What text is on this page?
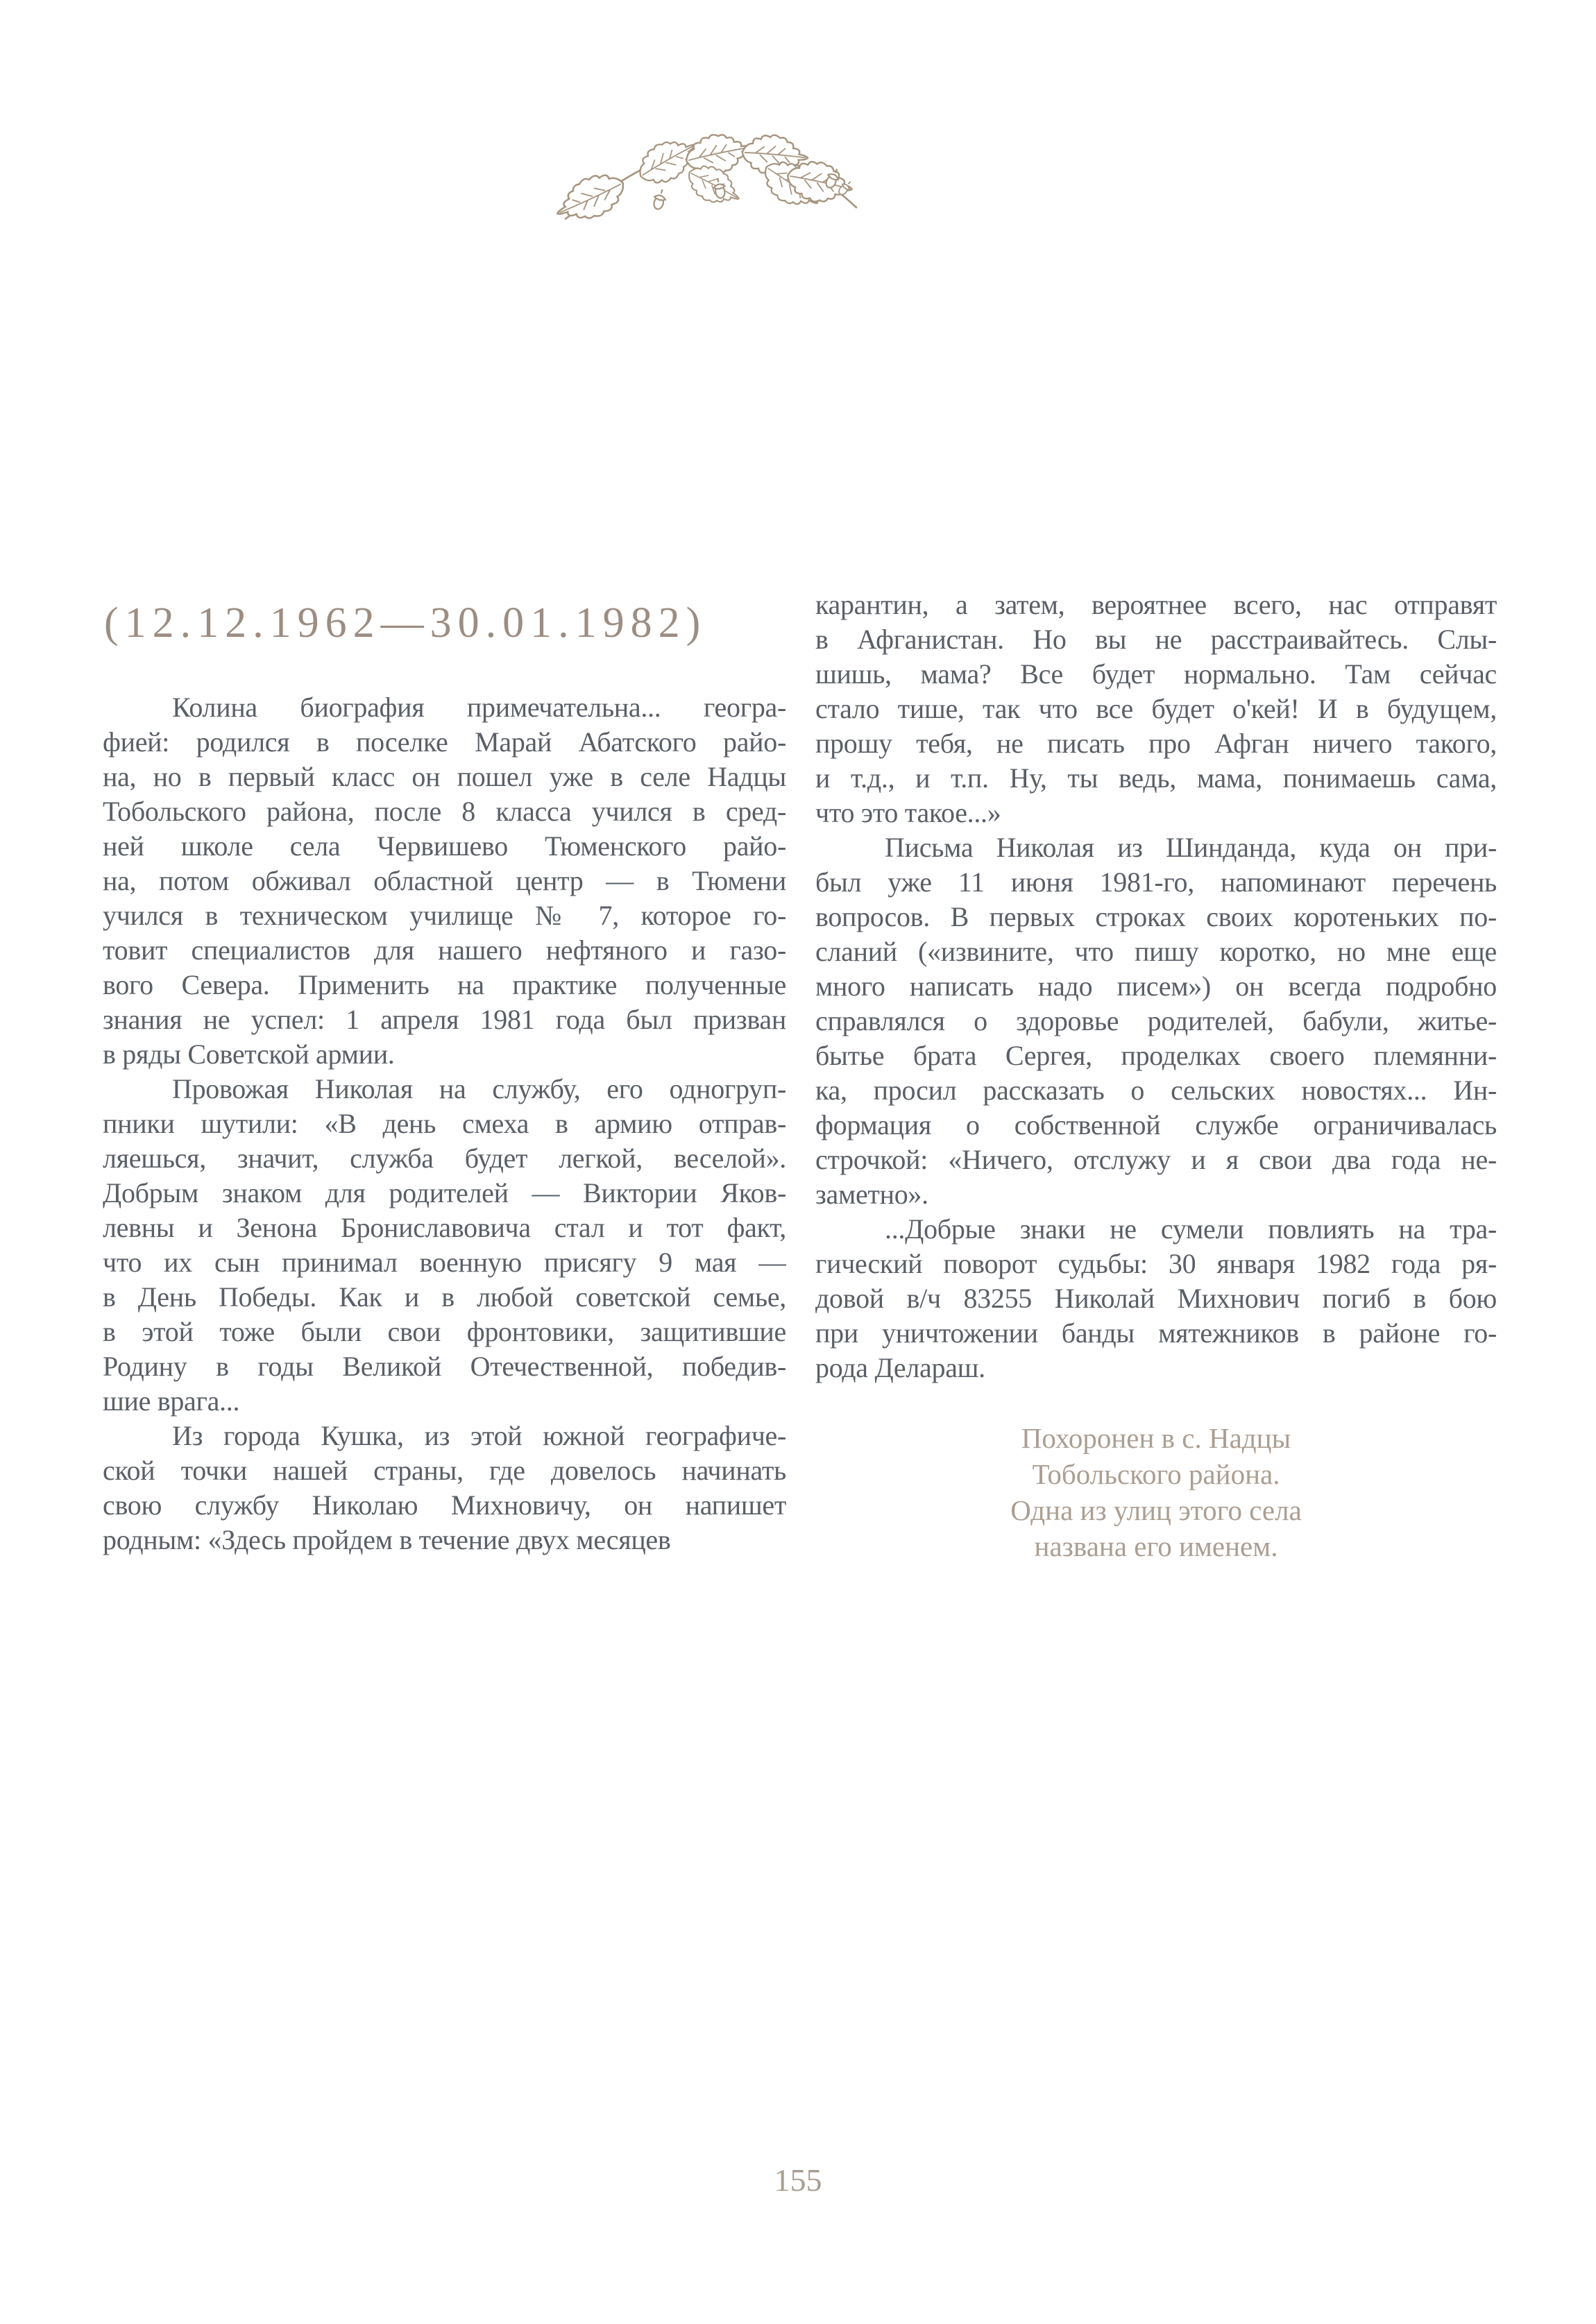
(12.12.1962—30.01.1982)
Колина биография примечательна... геогра-
фией: родился в поселке Марай Абатского райо-
на, но в первый класс он пошел уже в селе Надцы
Тобольского района, после 8 класса учился в сред-
ней школе села Червишево Тюменского райо-
на, потом обживал областной центр — в Тюмени
учился в техническом училище № 7, которое го-
товит специалистов для нашего нефтяного и газо-
вого Севера. Применить на практике полученные
знания не успел: 1 апреля 1981 года был призван
в ряды Советской армии.
Провожая Николая на службу, его одногруп-
пники шутили: «В день смеха в армию отправ-
ляешься, значит, служба будет легкой, веселой».
Добрым знаком для родителей — Виктории Яков-
левны и Зенона Брониславовича стал и тот факт,
что их сын принимал военную присягу 9 мая —
в День Победы. Как и в любой советской семье,
в этой тоже были свои фронтовики, защитившие
Родину в годы Великой Отечественной, победив-
шие врага...
Из города Кушка, из этой южной географиче-
ской точки нашей страны, где довелось начинать
свою службу Николаю Михновичу, он напишет
родным: «Здесь пройдем в течение двух месяцев
карантин, а затем, вероятнее всего, нас отправят
в Афганистан. Но вы не расстраивайтесь. Слы-
шишь, мама? Все будет нормально. Там сейчас
стало тише, так что все будет о'кей! И в будущем,
прошу тебя, не писать про Афган ничего такого,
и т.д., и т.п. Ну, ты ведь, мама, понимаешь сама,
что это такое...»
Письма Николая из Шинданда, куда он при-
был уже 11 июня 1981-го, напоминают перечень
вопросов. В первых строках своих коротеньких по-
сланий («извините, что пишу коротко, но мне еще
много написать надо писем») он всегда подробно
справлялся о здоровье родителей, бабули, житье-
бытье брата Сергея, проделках своего племянни-
ка, просил рассказать о сельских новостях... Ин-
формация о собственной службе ограничивалась
строчкой: «Ничего, отслужу и я свои два года не-
заметно».
...Добрые знаки не сумели повлиять на тра-
гический поворот судьбы: 30 января 1982 года ря-
довой в/ч 83255 Николай Михнович погиб в бою
при уничтожении банды мятежников в районе го-
рода Делараш.
Похоронен в с. Надцы
Тобольского района.
Одна из улиц этого села
названа его именем.
155
